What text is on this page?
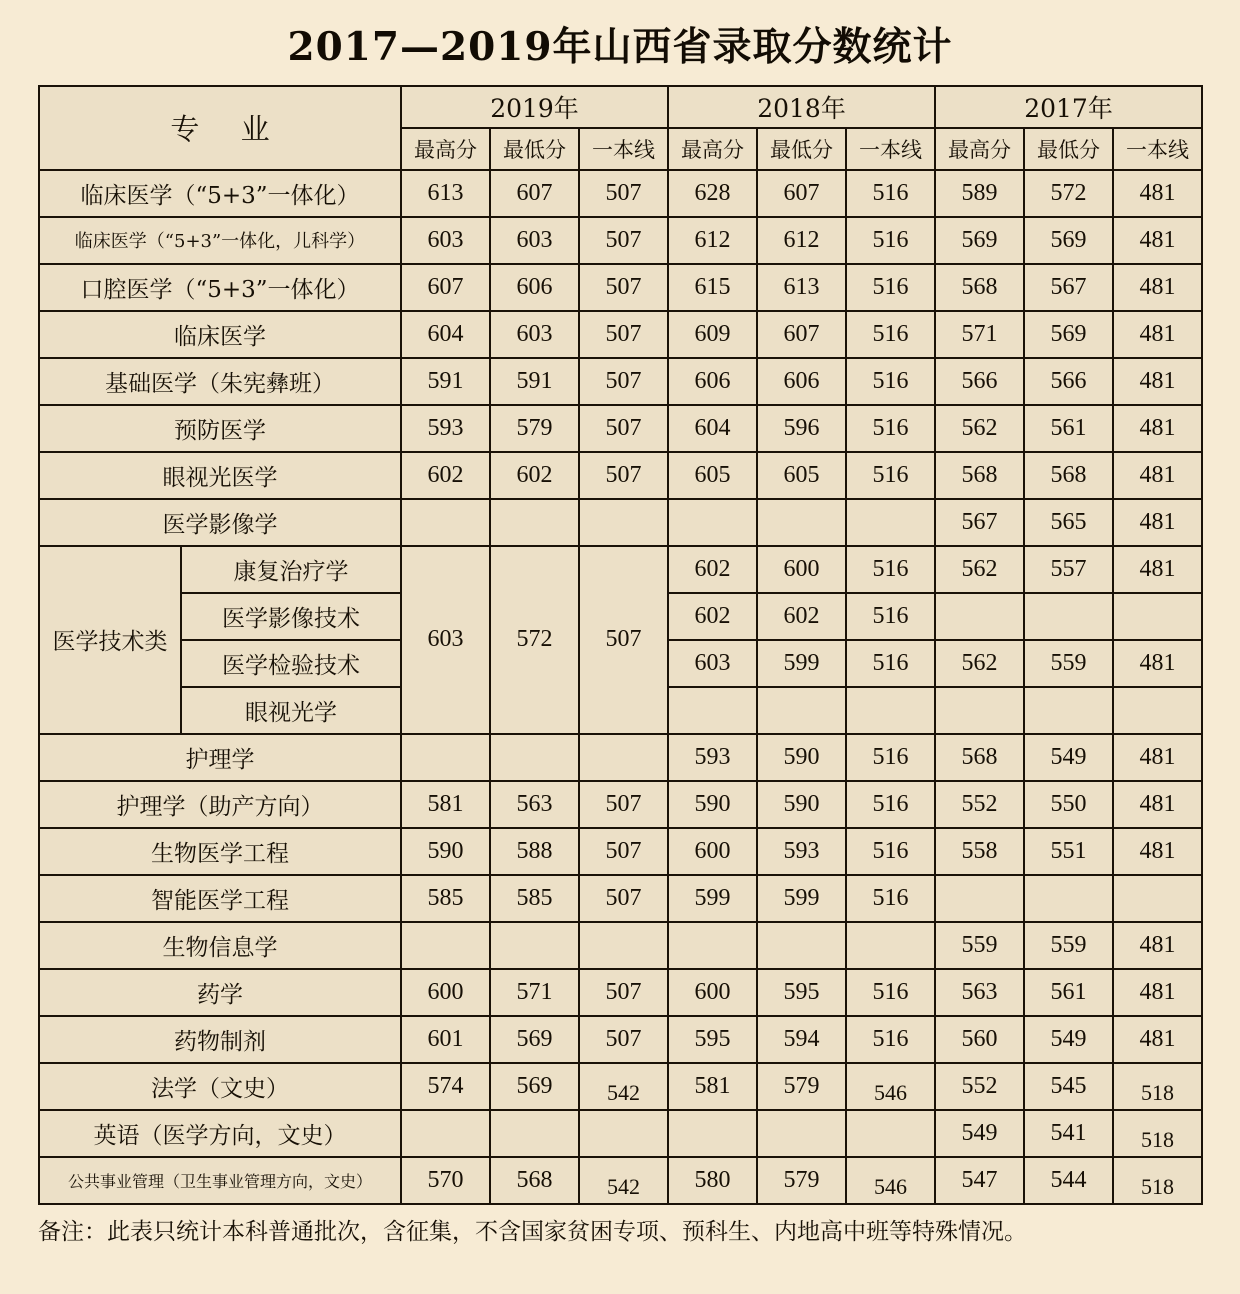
2017—2019年山西省录取分数统计
专 业		2019年			2018年			2017年		
		最高分	最低分	一本线	最高分	最低分	一本线	最高分	最低分	一本线
临床医学（“5+3”一体化）		613	607	507	628	607	516	589	572	481
临床医学（“5+3”一体化，儿科学）		603	603	507	612	612	516	569	569	481
口腔医学（“5+3”一体化）		607	606	507	615	613	516	568	567	481
临床医学		604	603	507	609	607	516	571	569	481
基础医学（朱宪彝班）		591	591	507	606	606	516	566	566	481
预防医学		593	579	507	604	596	516	562	561	481
眼视光医学		602	602	507	605	605	516	568	568	481
医学影像学								567	565	481
医学技术类	康复治疗学	603	572	507	602	600	516	562	557	481
	医学影像技术				602	602	516			
	医学检验技术				603	599	516	562	559	481
	眼视光学									
护理学					593	590	516	568	549	481
护理学（助产方向）		581	563	507	590	590	516	552	550	481
生物医学工程		590	588	507	600	593	516	558	551	481
智能医学工程		585	585	507	599	599	516			
生物信息学								559	559	481
药学		600	571	507	600	595	516	563	561	481
药物制剂		601	569	507	595	594	516	560	549	481
法学（文史）		574	569	542	581	579	546	552	545	518
英语（医学方向，文史）								549	541	518
公共事业管理（卫生事业管理方向，文史）		570	568	542	580	579	546	547	544	518
备注：此表只统计本科普通批次，含征集，不含国家贫困专项、预科生、内地高中班等特殊情况。
